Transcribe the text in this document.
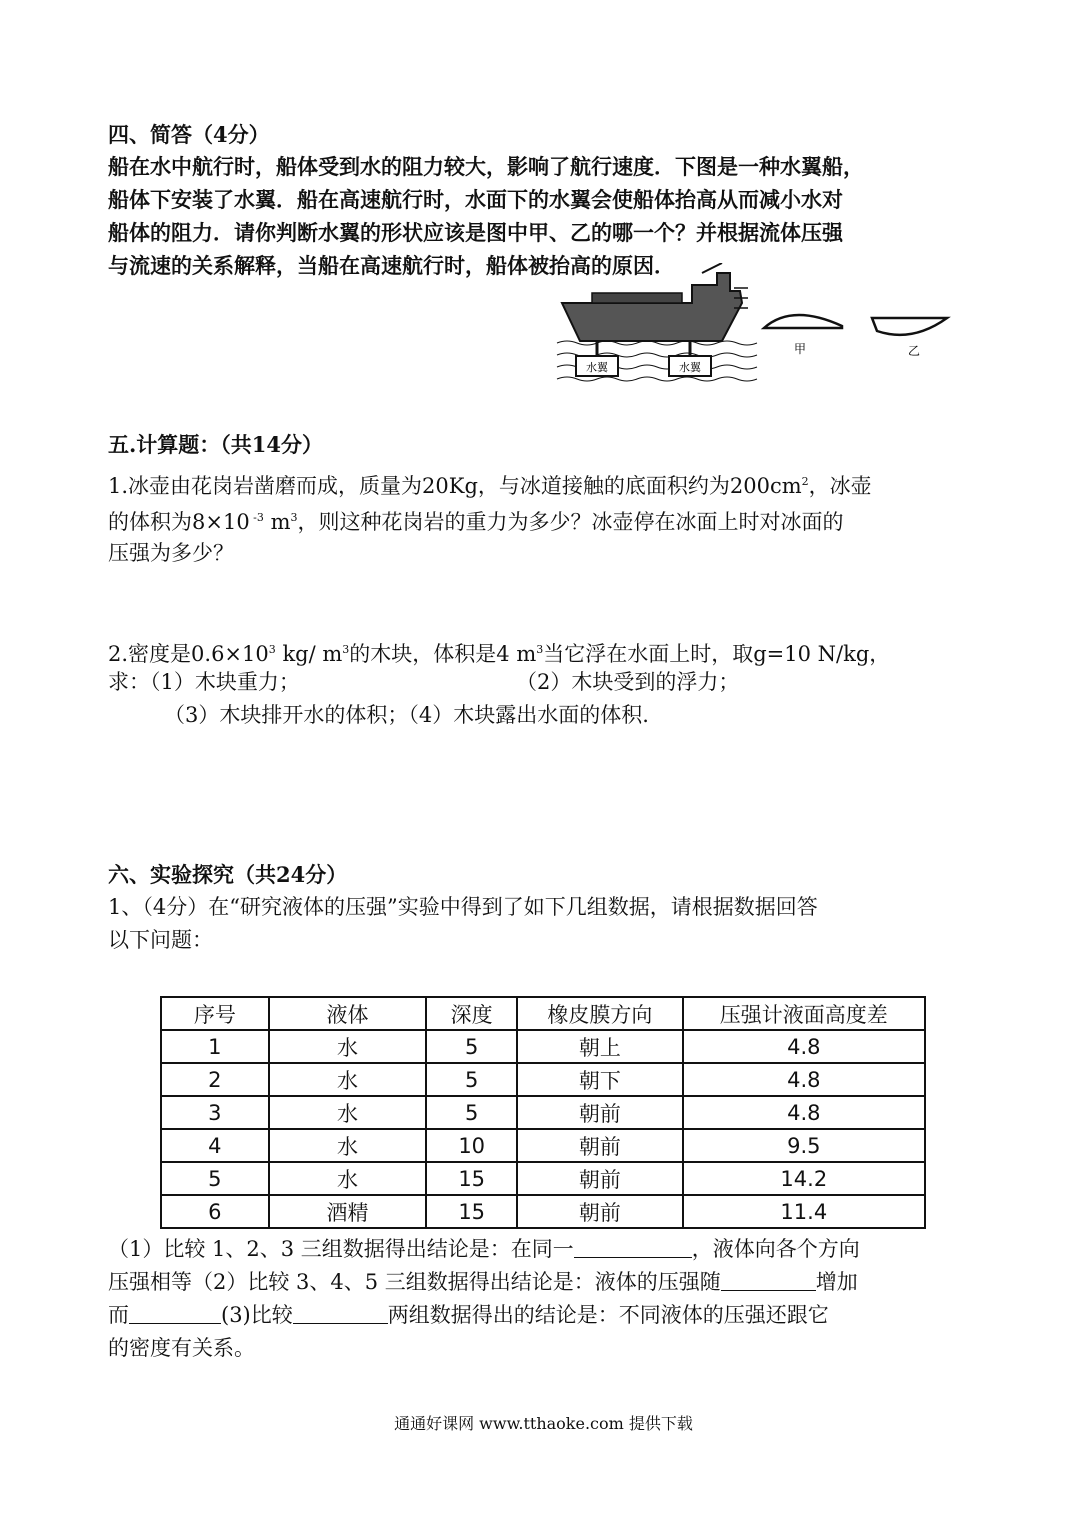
四、简答（4分）
船在水中航行时，船体受到水的阻力较大，影响了航行速度．下图是一种水翼船，
船体下安装了水翼．船在高速航行时，水面下的水翼会使船体抬高从而减小水对
船体的阻力．请你判断水翼的形状应该是图中甲、乙的哪一个？并根据流体压强
与流速的关系解释，当船在高速航行时，船体被抬高的原因．
水翼	水翼
甲	乙
五.计算题：（共14分）
1.冰壶由花岗岩凿磨而成，质量为20Kg，与冰道接触的底面积约为$200cm^2$，冰壶
的体积为8×10 $^{-3}$ $m^3$，则这种花岗岩的重力为多少？冰壶停在冰面上时对冰面的
压强为多少？
2.密度是$0.6\times 10^3$ kg/ $m^3$的木块，体积是4 $m^3$当它浮在水面上时，取g=10 N/kg，
求：（1）木块重力；	（2）木块受到的浮力；
（3）木块排开水的体积；（4）木块露出水面的体积.
六、实验探究（共24分）
1、（4分）在“研究液体的压强”实验中得到了如下几组数据，请根据数据回答
以下问题：
序号	液体	深度	橡皮膜方向	压强计液面高度差
1	水	5	朝上	4.8
2	水	5	朝下	4.8
3	水	5	朝前	4.8
4	水	10	朝前	9.5
5	水	15	朝前	14.2
6	酒精	15	朝前	11.4
（1）比较 1、2、3 三组数据得出结论是：在同一	，液体向各个方向
压强相等（2）比较 3、4、5 三组数据得出结论是：液体的压强随	增加
而	(3)比较	两组数据得出的结论是：不同液体的压强还跟它
的密度有关系。
通通好课网 www.tthaoke.com 提供下载
